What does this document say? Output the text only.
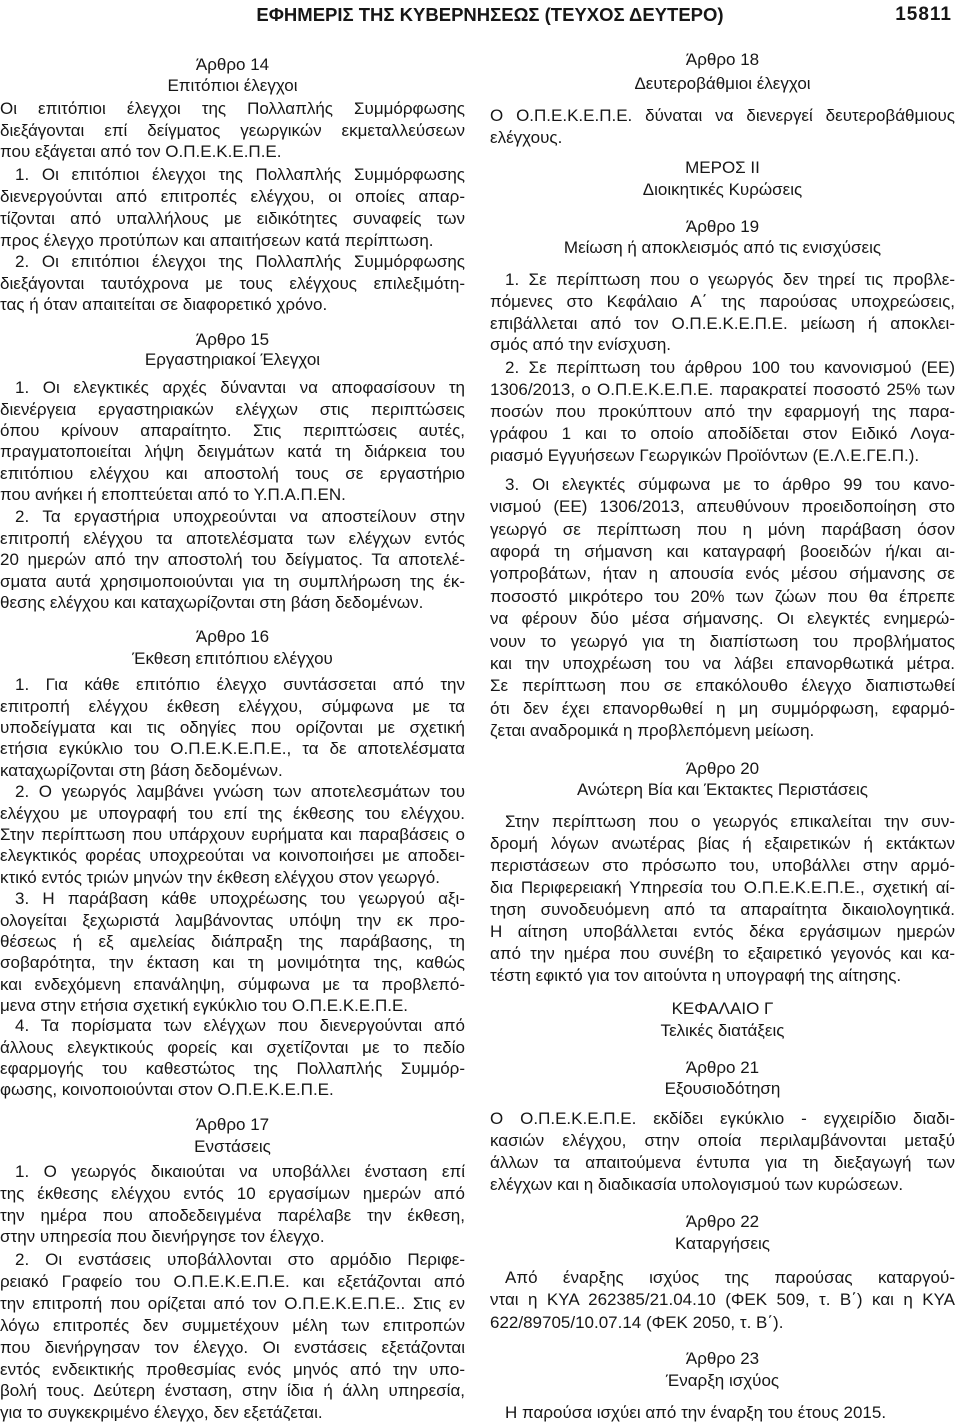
ΕΦΗΜΕΡΙΣ ΤΗΣ ΚΥΒΕΡΝΗΣΕΩΣ (ΤΕΥΧΟΣ ΔΕΥΤΕΡΟ)	15811
Άρθρο 14
Επιτόπιοι έλεγχοι
Οι επιτόπιοι έλεγχοι της Πολλαπλής Συμμόρφωσης
διεξάγονται επί δείγματος γεωργικών εκμεταλλεύσεων
που εξάγεται από τον Ο.Π.Ε.Κ.Ε.Π.Ε.
1. Οι επιτόπιοι έλεγχοι της Πολλαπλής Συμμόρφωσης
διενεργούνται από επιτροπές ελέγχου, οι οποίες απαρ-
τίζονται από υπαλλήλους με ειδικότητες συναφείς των
προς έλεγχο προτύπων και απαιτήσεων κατά περίπτωση.
2. Οι επιτόπιοι έλεγχοι της Πολλαπλής Συμμόρφωσης
διεξάγονται ταυτόχρονα με τους ελέγχους επιλεξιμότη-
τας ή όταν απαιτείται σε διαφορετικό χρόνο.
Άρθρο 15
Εργαστηριακοί Έλεγχοι
1. Οι ελεγκτικές αρχές δύνανται να αποφασίσουν τη
διενέργεια εργαστηριακών ελέγχων στις περιπτώσεις
όπου κρίνουν απαραίτητο. Στις περιπτώσεις αυτές,
πραγματοποιείται λήψη δειγμάτων κατά τη διάρκεια του
επιτόπιου ελέγχου και αποστολή τους σε εργαστήριο
που ανήκει ή εποπτεύεται από το Υ.Π.Α.Π.ΕΝ.
2. Τα εργαστήρια υποχρεούνται να αποστείλουν στην
επιτροπή ελέγχου τα αποτελέσματα των ελέγχων εντός
20 ημερών από την αποστολή του δείγματος. Τα αποτελέ-
σματα αυτά χρησιμοποιούνται για τη συμπλήρωση της έκ-
θεσης ελέγχου και καταχωρίζονται στη βάση δεδομένων.
Άρθρο 16
Έκθεση επιτόπιου ελέγχου
1. Για κάθε επιτόπιο έλεγχο συντάσσεται από την
επιτροπή ελέγχου έκθεση ελέγχου, σύμφωνα με τα
υποδείγματα και τις οδηγίες που ορίζονται με σχετική
ετήσια εγκύκλιο του Ο.Π.Ε.Κ.Ε.Π.Ε., τα δε αποτελέσματα
καταχωρίζονται στη βάση δεδομένων.
2. Ο γεωργός λαμβάνει γνώση των αποτελεσμάτων του
ελέγχου με υπογραφή του επί της έκθεσης του ελέγχου.
Στην περίπτωση που υπάρχουν ευρήματα και παραβάσεις ο
ελεγκτικός φορέας υποχρεούται να κοινοποιήσει με αποδει-
κτικό εντός τριών μηνών την έκθεση ελέγχου στον γεωργό.
3. Η παράβαση κάθε υποχρέωσης του γεωργού αξι-
ολογείται ξεχωριστά λαμβάνοντας υπόψη την εκ προ-
θέσεως ή εξ αμελείας διάπραξη της παράβασης, τη
σοβαρότητα, την έκταση και τη μονιμότητα της, καθώς
και ενδεχόμενη επανάληψη, σύμφωνα με τα προβλεπό-
μενα στην ετήσια σχετική εγκύκλιο του Ο.Π.Ε.Κ.Ε.Π.Ε.
4. Τα πορίσματα των ελέγχων που διενεργούνται από
άλλους ελεγκτικούς φορείς και σχετίζονται με το πεδίο
εφαρμογής του καθεστώτος της Πολλαπλής Συμμόρ-
φωσης, κοινοποιούνται στον Ο.Π.Ε.Κ.Ε.Π.Ε.
Άρθρο 17
Ενστάσεις
1. Ο γεωργός δικαιούται να υποβάλλει ένσταση επί
της έκθεσης ελέγχου εντός 10 εργασίμων ημερών από
την ημέρα που αποδεδειγμένα παρέλαβε την έκθεση,
στην υπηρεσία που διενήργησε τον έλεγχο.
2. Οι ενστάσεις υποβάλλονται στο αρμόδιο Περιφε-
ρειακό Γραφείο του Ο.Π.Ε.Κ.Ε.Π.Ε. και εξετάζονται από
την επιτροπή που ορίζεται από τον Ο.Π.Ε.Κ.Ε.Π.Ε.. Στις εν
λόγω επιτροπές δεν συμμετέχουν μέλη των επιτροπών
που διενήργησαν τον έλεγχο. Οι ενστάσεις εξετάζονται
εντός ενδεικτικής προθεσμίας ενός μηνός από την υπο-
βολή τους. Δεύτερη ένσταση, στην ίδια ή άλλη υπηρεσία,
για το συγκεκριμένο έλεγχο, δεν εξετάζεται.
Άρθρο 18
Δευτεροβάθμιοι έλεγχοι
Ο Ο.Π.Ε.Κ.Ε.Π.Ε. δύναται να διενεργεί δευτεροβάθμιους
ελέγχους.
ΜΕΡΟΣ ΙΙ
Διοικητικές Κυρώσεις
Άρθρο 19
Μείωση ή αποκλεισμός από τις ενισχύσεις
1. Σε περίπτωση που ο γεωργός δεν τηρεί τις προβλε-
πόμενες στο Κεφάλαιο Α΄ της παρούσας υποχρεώσεις,
επιβάλλεται από τον Ο.Π.Ε.Κ.Ε.Π.Ε. μείωση ή αποκλει-
σμός από την ενίσχυση.
2. Σε περίπτωση του άρθρου 100 του κανονισμού (ΕΕ)
1306/2013, ο Ο.Π.Ε.Κ.Ε.Π.Ε. παρακρατεί ποσοστό 25% των
ποσών που προκύπτουν από την εφαρμογή της παρα-
γράφου 1 και το οποίο αποδίδεται στον Ειδικό Λογα-
ριασμό Εγγυήσεων Γεωργικών Προϊόντων (Ε.Λ.Ε.ΓΕ.Π.).
3. Οι ελεγκτές σύμφωνα με το άρθρο 99 του κανο-
νισμού (ΕΕ) 1306/2013, απευθύνουν προειδοποίηση στο
γεωργό σε περίπτωση που η μόνη παράβαση όσον
αφορά τη σήμανση και καταγραφή βοοειδών ή/και αι-
γοπροβάτων, ήταν η απουσία ενός μέσου σήμανσης σε
ποσοστό μικρότερο του 20% των ζώων που θα έπρεπε
να φέρουν δύο μέσα σήμανσης. Οι ελεγκτές ενημερώ-
νουν το γεωργό για τη διαπίστωση του προβλήματος
και την υποχρέωση του να λάβει επανορθωτικά μέτρα.
Σε περίπτωση που σε επακόλουθο έλεγχο διαπιστωθεί
ότι δεν έχει επανορθωθεί η μη συμμόρφωση, εφαρμό-
ζεται αναδρομικά η προβλεπόμενη μείωση.
Άρθρο 20
Ανώτερη Βία και Έκτακτες Περιστάσεις
Στην περίπτωση που ο γεωργός επικαλείται την συν-
δρομή λόγων ανωτέρας βίας ή εξαιρετικών ή εκτάκτων
περιστάσεων στο πρόσωπο του, υποβάλλει στην αρμό-
δια Περιφερειακή Υπηρεσία του Ο.Π.Ε.Κ.Ε.Π.Ε., σχετική αί-
τηση συνοδευόμενη από τα απαραίτητα δικαιολογητικά.
Η αίτηση υποβάλλεται εντός δέκα εργάσιμων ημερών
από την ημέρα που συνέβη το εξαιρετικό γεγονός και κα-
τέστη εφικτό για τον αιτούντα η υπογραφή της αίτησης.
ΚΕΦΑΛΑΙΟ Γ
Τελικές διατάξεις
Άρθρο 21
Εξουσιοδότηση
Ο Ο.Π.Ε.Κ.Ε.Π.Ε. εκδίδει εγκύκλιο - εγχειρίδιο διαδι-
κασιών ελέγχου, στην οποία περιλαμβάνονται μεταξύ
άλλων τα απαιτούμενα έντυπα για τη διεξαγωγή των
ελέγχων και η διαδικασία υπολογισμού των κυρώσεων.
Άρθρο 22
Καταργήσεις
Από έναρξης ισχύος της παρούσας καταργού-
νται η ΚΥΑ 262385/21.04.10 (ΦΕΚ 509, τ. Β΄) και η ΚΥΑ
622/89705/10.07.14 (ΦΕΚ 2050, τ. Β΄).
Άρθρο 23
Έναρξη ισχύος
Η παρούσα ισχύει από την έναρξη του έτους 2015.
